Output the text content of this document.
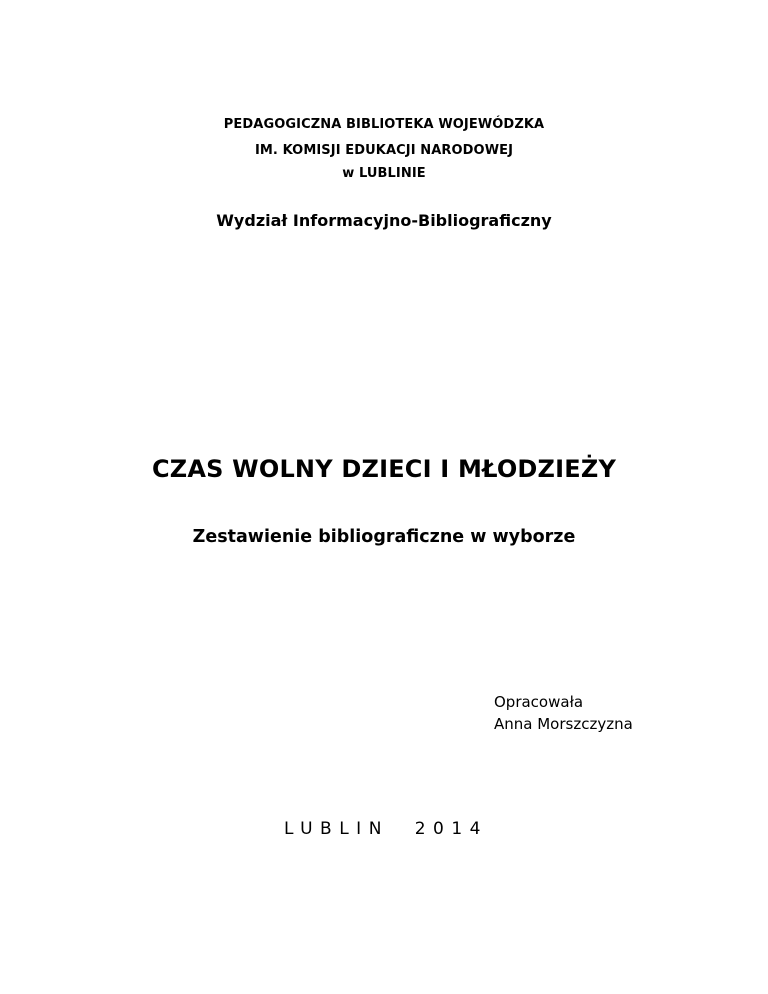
PEDAGOGICZNA BIBLIOTEKA WOJEWÓDZKA
IM. KOMISJI EDUKACJI NARODOWEJ
w LUBLINIE
Wydział Informacyjno-Bibliograficzny
CZAS WOLNY DZIECI I MŁODZIEŻY
Zestawienie bibliograficzne w wyborze
Opracowała
Anna Morszczyzna
LUBLIN  2014
